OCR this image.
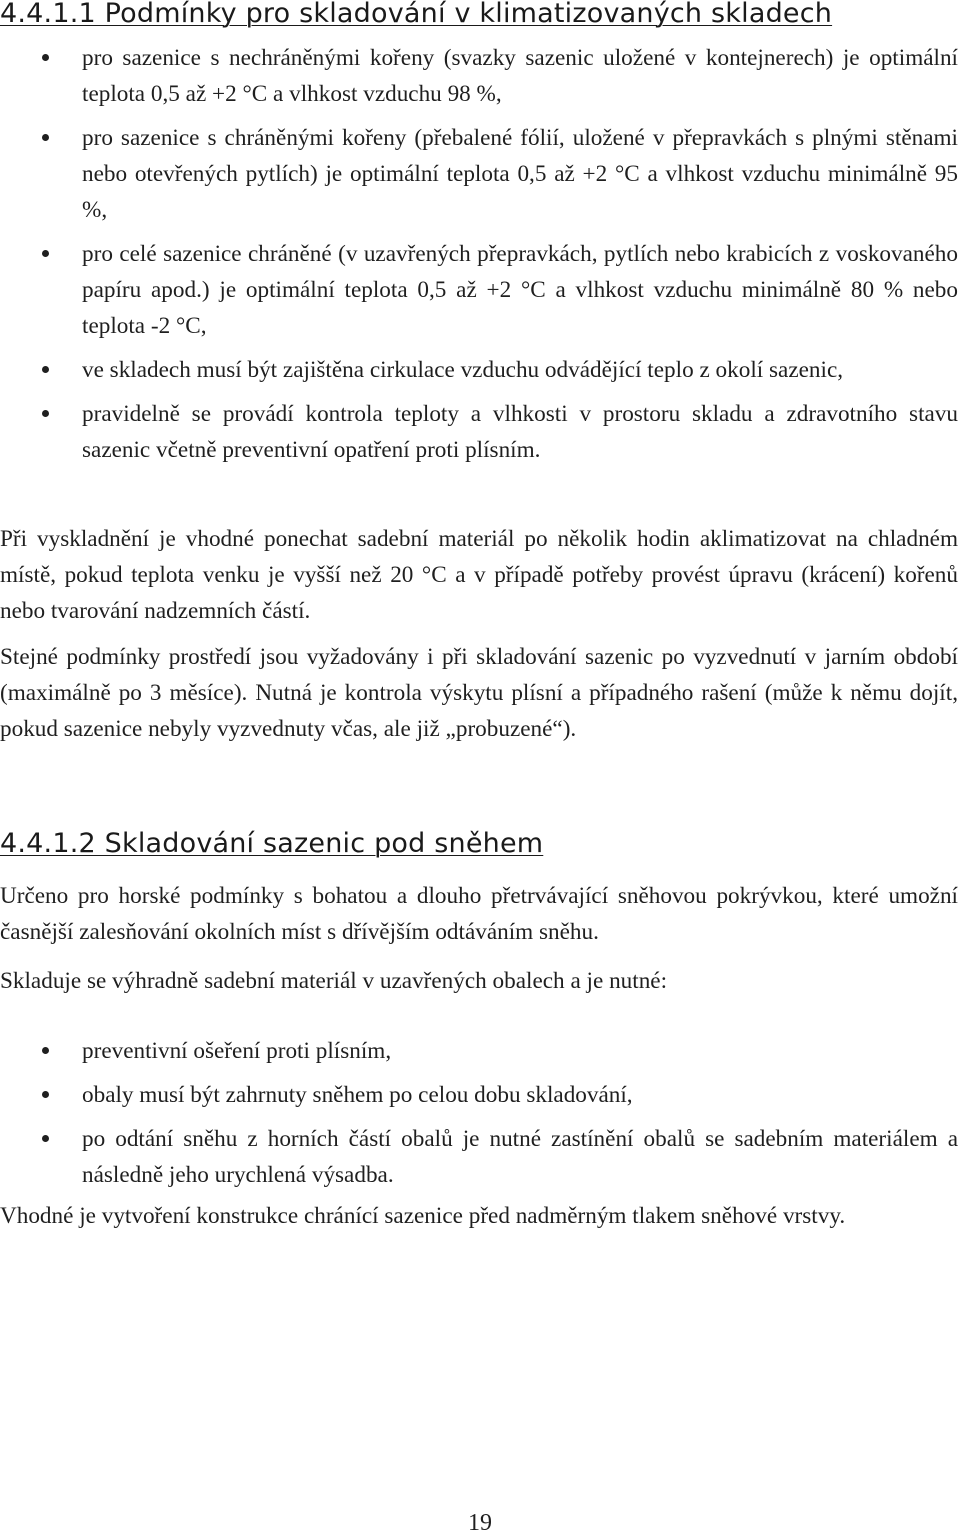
4.4.1.1 Podmínky pro skladování v klimatizovaných skladech
pro sazenice s nechráněnými kořeny (svazky sazenic uložené v kontejnerech) je optimální teplota 0,5 až +2 °C a vlhkost vzduchu 98 %,
pro sazenice s chráněnými kořeny (přebalené fólií, uložené v přepravkách s plnými stěnami nebo otevřených pytlích) je optimální teplota 0,5 až +2 °C a vlhkost vzduchu minimálně 95 %,
pro celé sazenice chráněné (v uzavřených přepravkách, pytlích nebo krabicích z voskovaného papíru apod.) je optimální teplota 0,5 až +2 °C a vlhkost vzduchu minimálně 80 % nebo teplota -2 °C,
ve skladech musí být zajištěna cirkulace vzduchu odvádějící teplo z okolí sazenic,
pravidelně se provádí kontrola teploty a vlhkosti v prostoru skladu a zdravotního stavu sazenic včetně preventivní opatření proti plísním.

Při vyskladnění je vhodné ponechat sadební materiál po několik hodin aklimatizovat na chladném místě, pokud teplota venku je vyšší než 20 °C a v případě potřeby provést úpravu (krácení) kořenů nebo tvarování nadzemních částí.

Stejné podmínky prostředí jsou vyžadovány i při skladování sazenic po vyzvednutí v jarním období (maximálně po 3 měsíce). Nutná je kontrola výskytu plísní a případného rašení (může k němu dojít, pokud sazenice nebyly vyzvednuty včas, ale již „probuzené“).

4.4.1.2 Skladování sazenic pod sněhem

Určeno pro horské podmínky s bohatou a dlouho přetrvávající sněhovou pokrývkou, které umožní časnější zalesňování okolních míst s dřívějším odtáváním sněhu.

Skladuje se výhradně sadební materiál v uzavřených obalech a je nutné:

preventivní ošeření proti plísním,
obaly musí být zahrnuty sněhem po celou dobu skladování,
po odtání sněhu z horních částí obalů je nutné zastínění obalů se sadebním materiálem a následně jeho urychlená výsadba.

Vhodné je vytvoření konstrukce chránící sazenice před nadměrným tlakem sněhové vrstvy.

19
